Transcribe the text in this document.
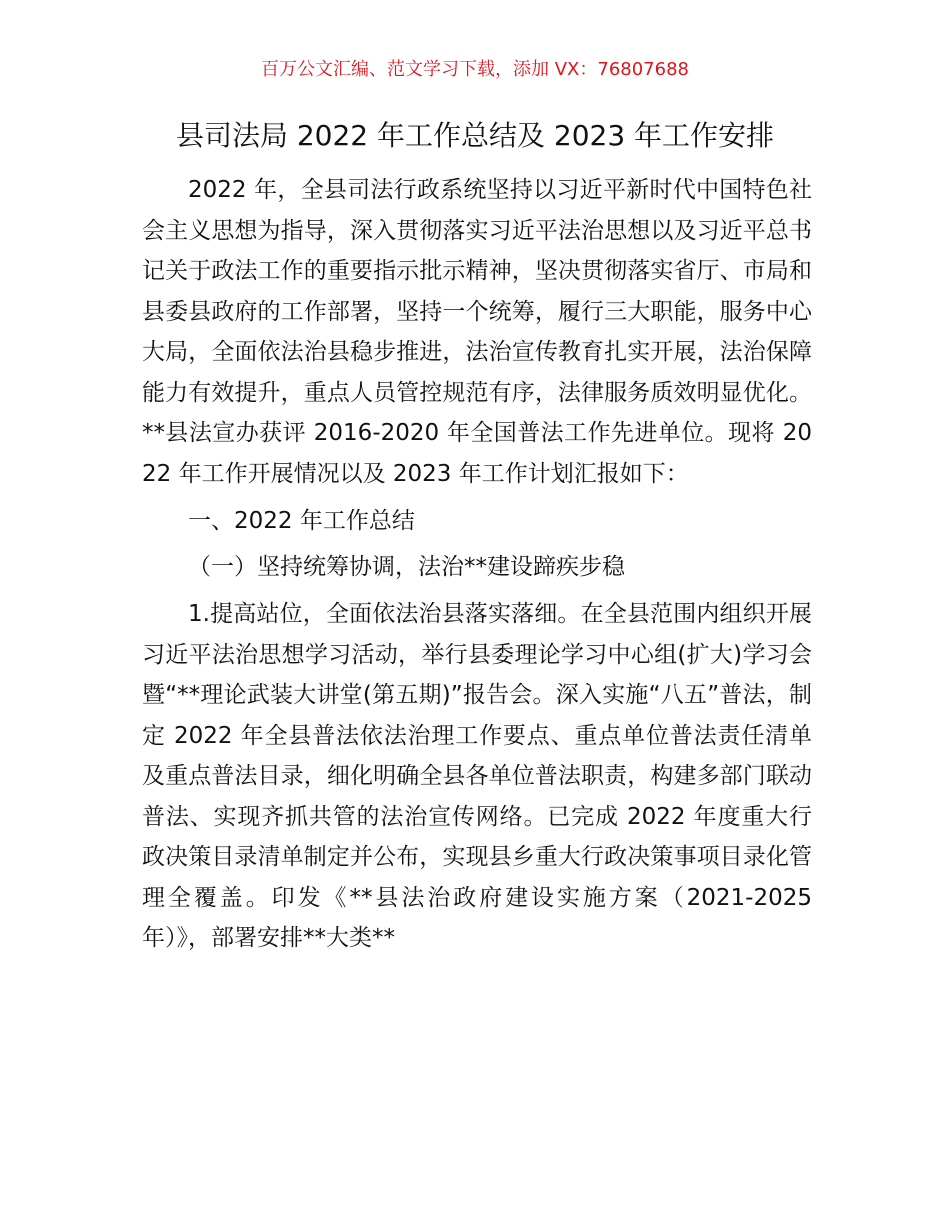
百万公文汇编、范文学习下载，添加 VX：76807688
县司法局 2022 年工作总结及 2023 年工作安排

2022 年，全县司法行政系统坚持以习近平新时代中国特色社会主义思想为指导，深入贯彻落实习近平法治思想以及习近平总书记关于政法工作的重要指示批示精神，坚决贯彻落实省厅、市局和县委县政府的工作部署，坚持一个统筹，履行三大职能，服务中心大局，全面依法治县稳步推进，法治宣传教育扎实开展，法治保障能力有效提升，重点人员管控规范有序，法律服务质效明显优化。**县法宣办获评 2016-2020 年全国普法工作先进单位。现将 2022 年工作开展情况以及 2023 年工作计划汇报如下：

一、2022 年工作总结

（一）坚持统筹协调，法治**建设蹄疾步稳

1.提高站位，全面依法治县落实落细。在全县范围内组织开展习近平法治思想学习活动，举行县委理论学习中心组(扩大)学习会暨“**理论武装大讲堂(第五期)”报告会。深入实施“八五”普法，制定 2022 年全县普法依法治理工作要点、重点单位普法责任清单及重点普法目录，细化明确全县各单位普法职责，构建多部门联动普法、实现齐抓共管的法治宣传网络。已完成 2022 年度重大行政决策目录清单制定并公布，实现县乡重大行政决策事项目录化管理全覆盖。印发《**县法治政府建设实施方案（2021-2025 年）》，部署安排**大类**
